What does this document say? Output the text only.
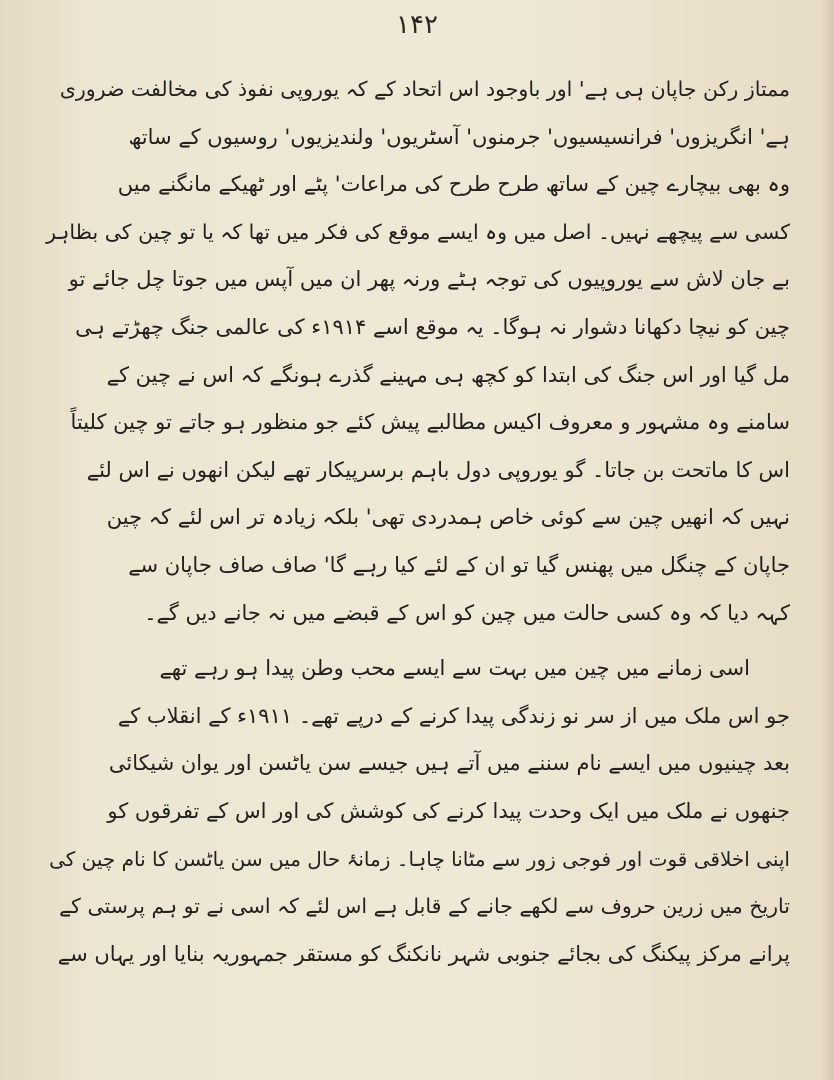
۱۴۲
ممتاز رکن جاپان ہی ہے' اور باوجود اس اتحاد کے کہ یوروپی نفوذ کی مخالفت ضروری
ہے' انگریزوں' فرانسیسیوں' جرمنوں' آسٹریوں' ولندیزیوں' روسیوں کے ساتھ
وہ بھی بیچارے چین کے ساتھ طرح طرح کی مراعات' پٹے اور ٹھیکے مانگنے میں
کسی سے پیچھے نہیں۔ اصل میں وہ ایسے موقع کی فکر میں تھا کہ یا تو چین کی بظاہر
بے جان لاش سے یوروپیوں کی توجہ ہٹے ورنہ پھر ان میں آپس میں جوتا چل جائے تو
چین کو نیچا دکھانا دشوار نہ ہوگا۔ یہ موقع اسے ۱۹۱۴ء کی عالمی جنگ چھڑتے ہی
مل گیا اور اس جنگ کی ابتدا کو کچھ ہی مہینے گذرے ہونگے کہ اس نے چین کے
سامنے وہ مشہور و معروف اکیس مطالبے پیش کئے جو منظور ہو جاتے تو چین کلیتاً
اس کا ماتحت بن جاتا۔ گو یوروپی دول باہم برسرپیکار تھے لیکن انھوں نے اس لئے
نہیں کہ انھیں چین سے کوئی خاص ہمدردی تھی' بلکہ زیادہ تر اس لئے کہ چین
جاپان کے چنگل میں پھنس گیا تو ان کے لئے کیا رہے گا' صاف صاف جاپان سے
کہہ دیا کہ وہ کسی حالت میں چین کو اس کے قبضے میں نہ جانے دیں گے۔
اسی زمانے میں چین میں بہت سے ایسے محب وطن پیدا ہو رہے تھے
جو اس ملک میں از سر نو زندگی پیدا کرنے کے درپے تھے۔ ۱۹۱۱ء کے انقلاب کے
بعد چینیوں میں ایسے نام سننے میں آتے ہیں جیسے سن یاٹسن اور یوان شیکائی
جنھوں نے ملک میں ایک وحدت پیدا کرنے کی کوشش کی اور اس کے تفرقوں کو
اپنی اخلاقی قوت اور فوجی زور سے مٹانا چاہا۔ زمانۂ حال میں سن یاٹسن کا نام چین کی
تاریخ میں زرین حروف سے لکھے جانے کے قابل ہے اس لئے کہ اسی نے تو ہم پرستی کے
پرانے مرکز پیکنگ کی بجائے جنوبی شہر نانکنگ کو مستقر جمہوریہ بنایا اور یہاں سے
